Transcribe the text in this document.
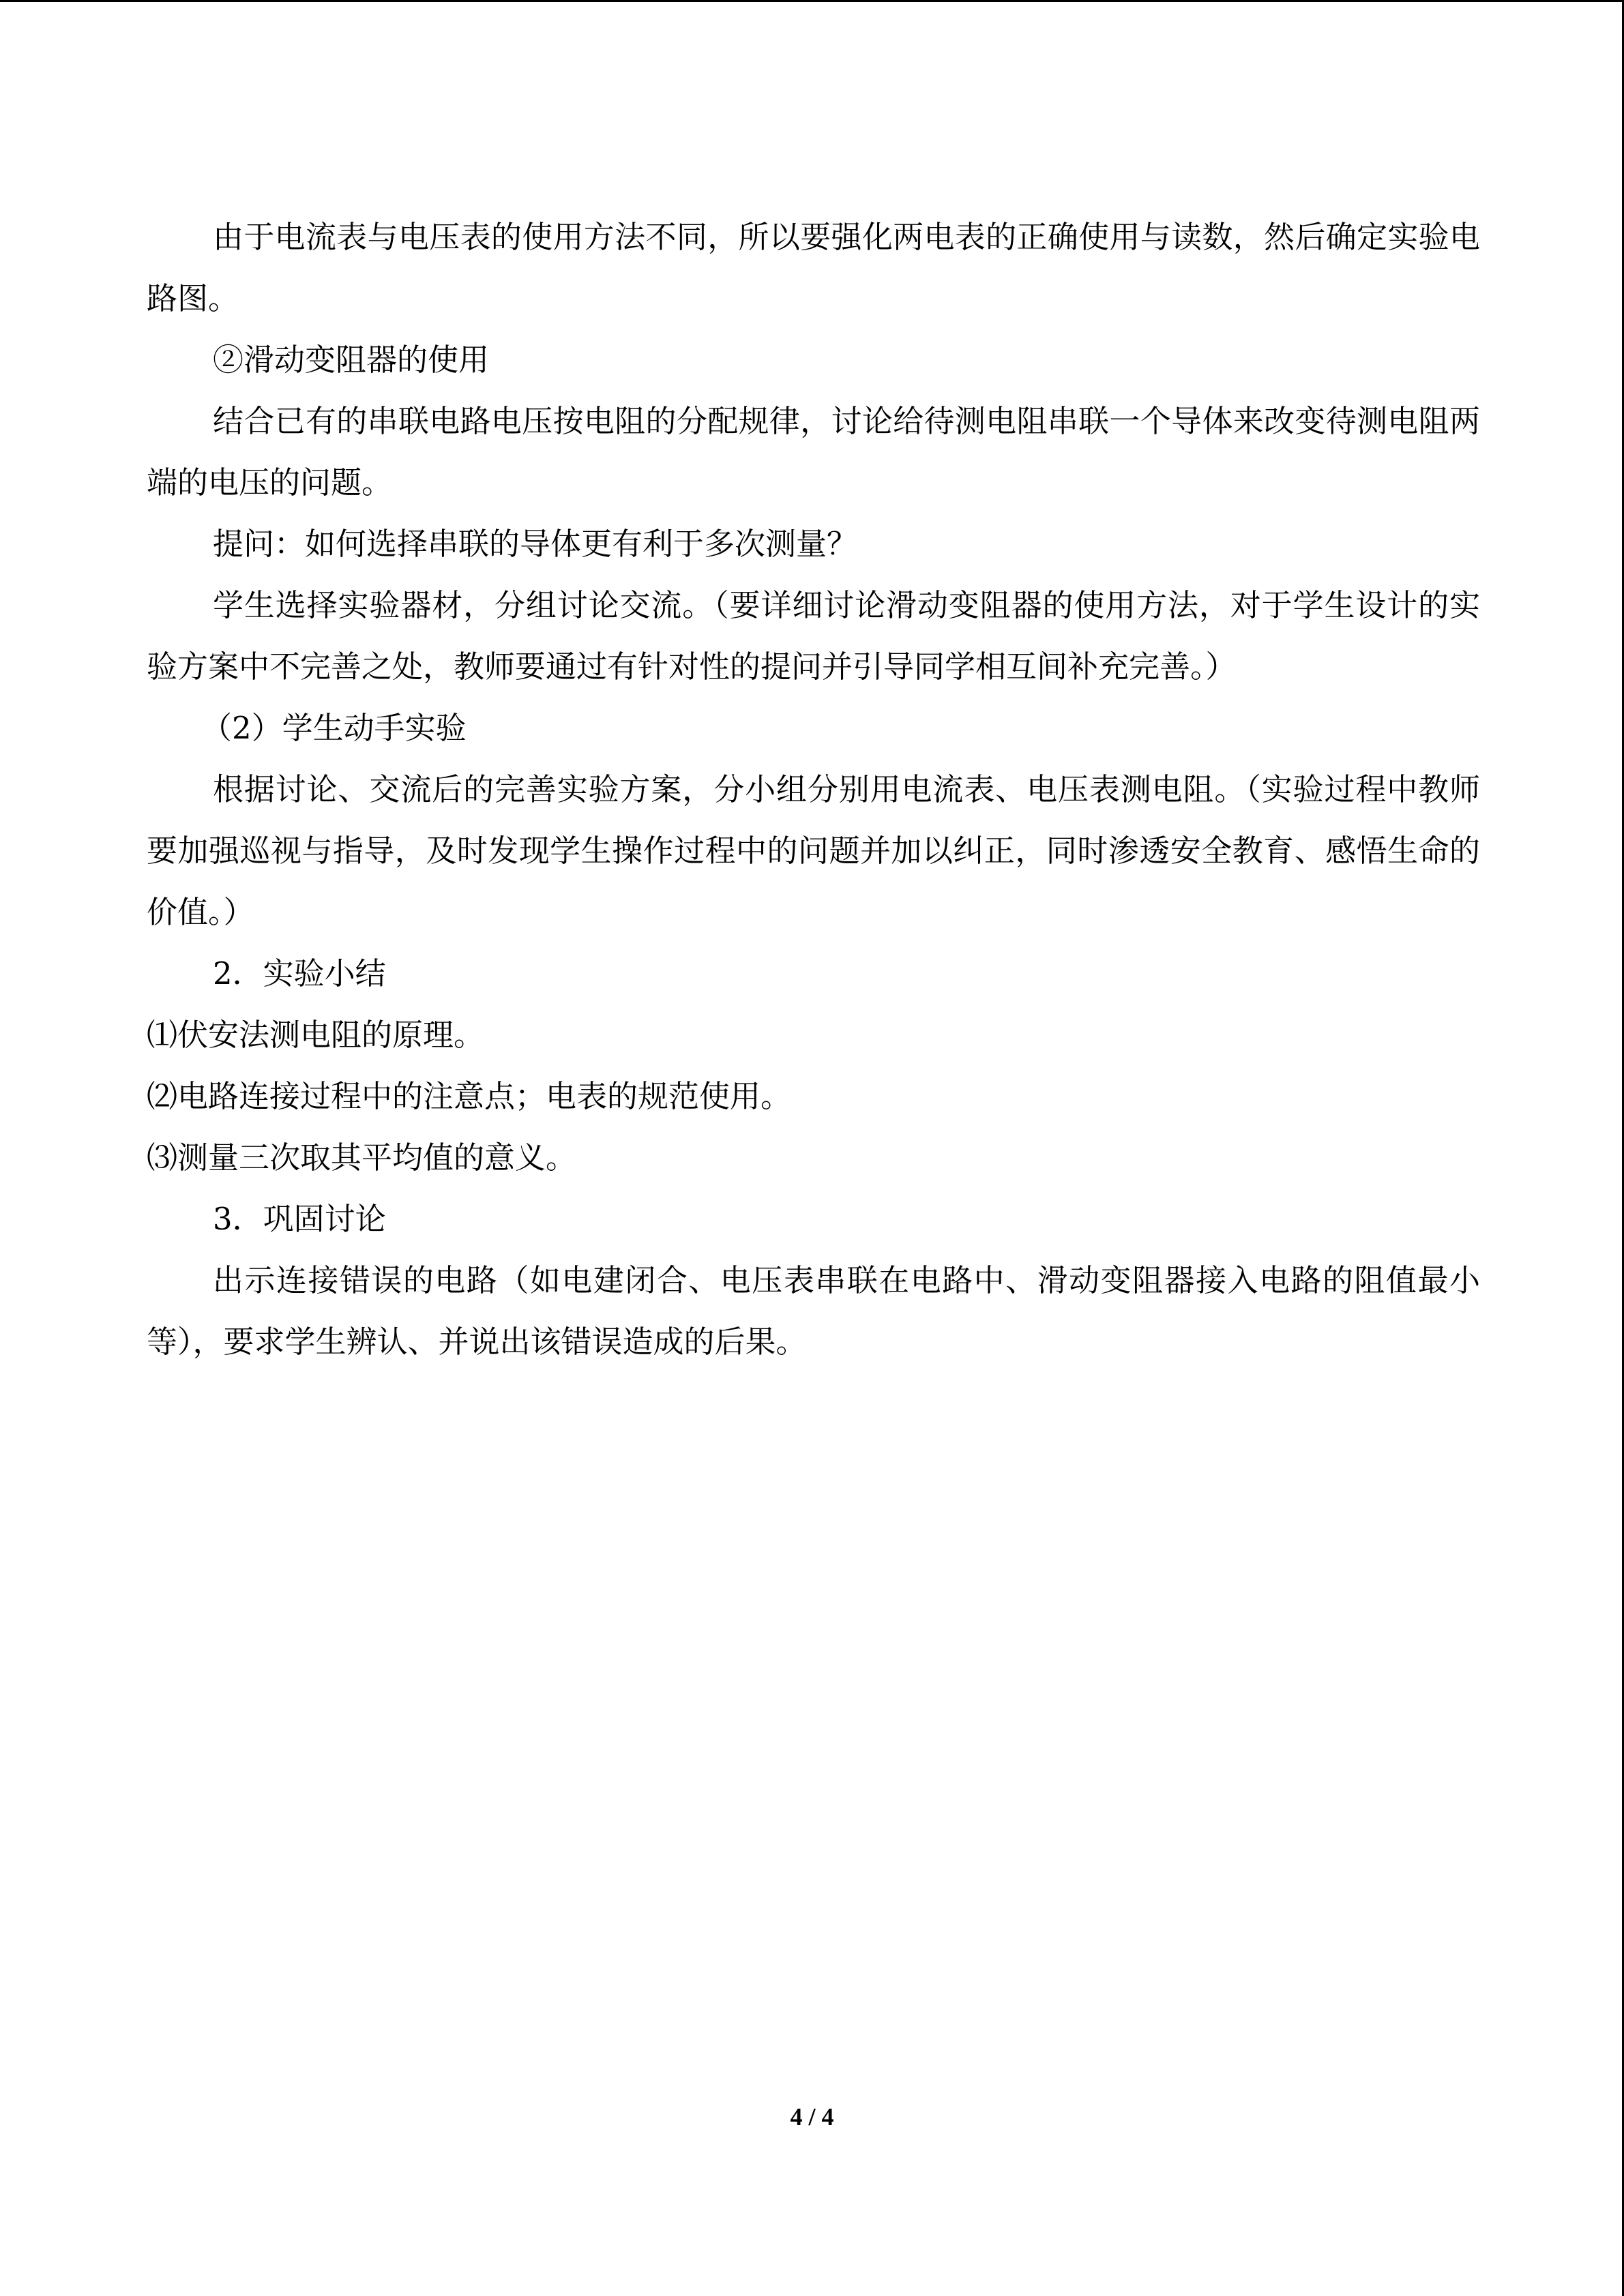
由于电流表与电压表的使用方法不同，所以要强化两电表的正确使用与读数，然后确定实验电路图。

②滑动变阻器的使用

结合已有的串联电路电压按电阻的分配规律，讨论给待测电阻串联一个导体来改变待测电阻两端的电压的问题。

提问：如何选择串联的导体更有利于多次测量？

学生选择实验器材，分组讨论交流。（要详细讨论滑动变阻器的使用方法，对于学生设计的实验方案中不完善之处，教师要通过有针对性的提问并引导同学相互间补充完善。）

（2）学生动手实验

根据讨论、交流后的完善实验方案，分小组分别用电流表、电压表测电阻。（实验过程中教师要加强巡视与指导，及时发现学生操作过程中的问题并加以纠正，同时渗透安全教育、感悟生命的价值。）

2．实验小结

⑴伏安法测电阻的原理。

⑵电路连接过程中的注意点；电表的规范使用。

⑶测量三次取其平均值的意义。

3．巩固讨论

出示连接错误的电路（如电建闭合、电压表串联在电路中、滑动变阻器接入电路的阻值最小等），要求学生辨认、并说出该错误造成的后果。

4 / 4
